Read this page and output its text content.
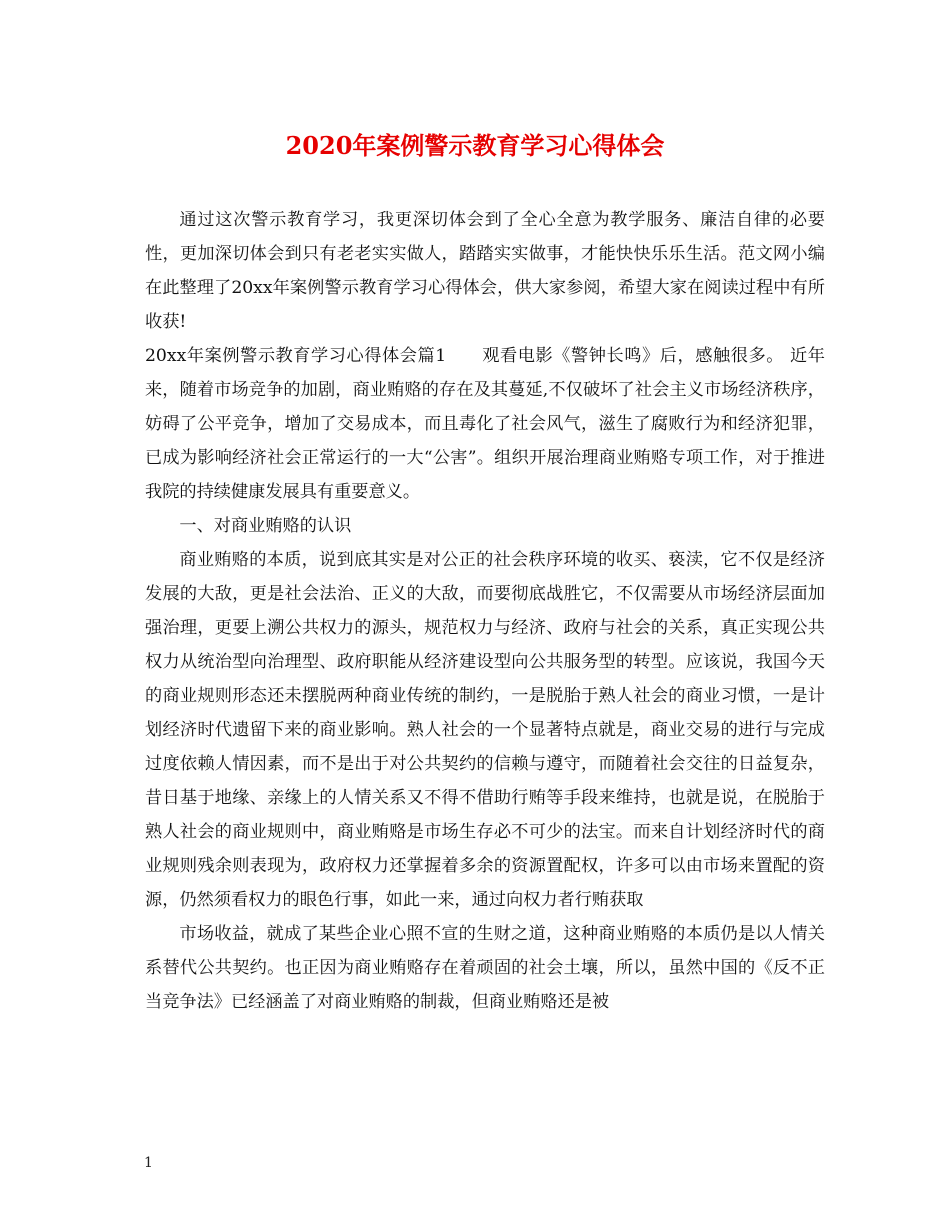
2020年案例警示教育学习心得体会

通过这次警示教育学习，我更深切体会到了全心全意为教学服务、廉洁自律的必要性，更加深切体会到只有老老实实做人，踏踏实实做事，才能快快乐乐生活。范文网小编在此整理了20xx年案例警示教育学习心得体会，供大家参阅，希望大家在阅读过程中有所收获!

20xx年案例警示教育学习心得体会篇1　　观看电影《警钟长鸣》后，感触很多。 近年来，随着市场竞争的加剧，商业贿赂的存在及其蔓延,不仅破坏了社会主义市场经济秩序，妨碍了公平竞争，增加了交易成本，而且毒化了社会风气，滋生了腐败行为和经济犯罪，已成为影响经济社会正常运行的一大“公害”。组织开展治理商业贿赂专项工作，对于推进我院的持续健康发展具有重要意义。

一、对商业贿赂的认识

商业贿赂的本质，说到底其实是对公正的社会秩序环境的收买、亵渎，它不仅是经济发展的大敌，更是社会法治、正义的大敌，而要彻底战胜它，不仅需要从市场经济层面加强治理，更要上溯公共权力的源头，规范权力与经济、政府与社会的关系，真正实现公共权力从统治型向治理型、政府职能从经济建设型向公共服务型的转型。应该说，我国今天的商业规则形态还未摆脱两种商业传统的制约，一是脱胎于熟人社会的商业习惯，一是计划经济时代遗留下来的商业影响。熟人社会的一个显著特点就是，商业交易的进行与完成过度依赖人情因素，而不是出于对公共契约的信赖与遵守，而随着社会交往的日益复杂，昔日基于地缘、亲缘上的人情关系又不得不借助行贿等手段来维持，也就是说，在脱胎于熟人社会的商业规则中，商业贿赂是市场生存必不可少的法宝。而来自计划经济时代的商业规则残余则表现为，政府权力还掌握着多余的资源置配权，许多可以由市场来置配的资源，仍然须看权力的眼色行事，如此一来，通过向权力者行贿获取

市场收益，就成了某些企业心照不宣的生财之道，这种商业贿赂的本质仍是以人情关系替代公共契约。也正因为商业贿赂存在着顽固的社会土壤，所以，虽然中国的《反不正当竞争法》已经涵盖了对商业贿赂的制裁，但商业贿赂还是被

1
